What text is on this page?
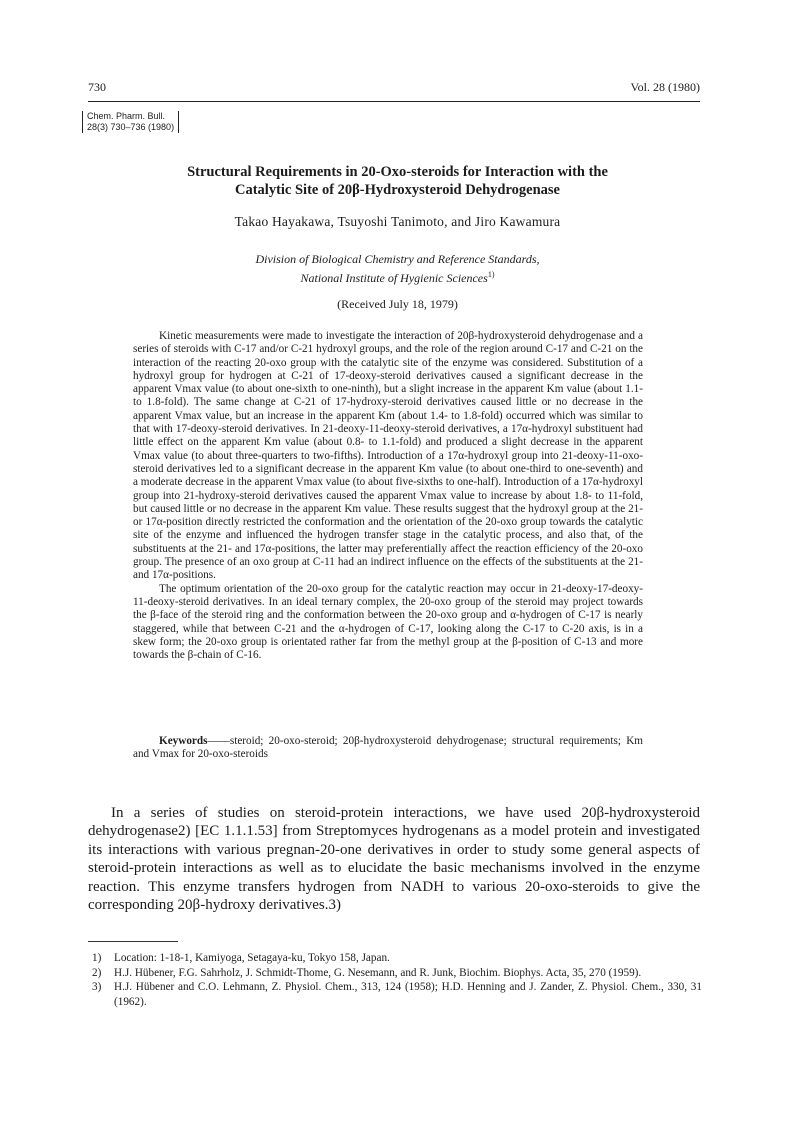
730	Vol. 28 (1980)
Chem. Pharm. Bull.
28(3) 730–736 (1980)
Structural Requirements in 20-Oxo-steroids for Interaction with the
Catalytic Site of 20β-Hydroxysteroid Dehydrogenase
Takao Hayakawa, Tsuyoshi Tanimoto, and Jiro Kawamura
Division of Biological Chemistry and Reference Standards,
National Institute of Hygienic Sciences$^{1)}$
(Received July 18, 1979)

Kinetic measurements were made to investigate the interaction of 20β-hydroxysteroid dehydrogenase and a series of steroids with C-17 and/or C-21 hydroxyl groups, and the role of the region around C-17 and C-21 on the interaction of the reacting 20-oxo group with the catalytic site of the enzyme was considered. Substitution of a hydroxyl group for hydrogen at C-21 of 17-deoxy-steroid derivatives caused a significant decrease in the apparent Vmax value (to about one-sixth to one-ninth), but a slight increase in the apparent Km value (about 1.1- to 1.8-fold). The same change at C-21 of 17-hydroxy-steroid derivatives caused little or no decrease in the apparent Vmax value, but an increase in the apparent Km (about 1.4- to 1.8-fold) occurred which was similar to that with 17-deoxy-steroid derivatives. In 21-deoxy-11-deoxy-steroid derivatives, a 17α-hydroxyl substituent had little effect on the apparent Km value (about 0.8- to 1.1-fold) and produced a slight decrease in the apparent Vmax value (to about three-quarters to two-fifths). Introduction of a 17α-hydroxyl group into 21-deoxy-11-oxo-steroid derivatives led to a significant decrease in the apparent Km value (to about one-third to one-seventh) and a moderate decrease in the apparent Vmax value (to about five-sixths to one-half). Introduction of a 17α-hydroxyl group into 21-hydroxy-steroid derivatives caused the apparent Vmax value to increase by about 1.8- to 11-fold, but caused little or no decrease in the apparent Km value. These results suggest that the hydroxyl group at the 21- or 17α-position directly restricted the conformation and the orientation of the 20-oxo group towards the catalytic site of the enzyme and influenced the hydrogen transfer stage in the catalytic process, and also that, of the substituents at the 21- and 17α-positions, the latter may preferentially affect the reaction efficiency of the 20-oxo group. The presence of an oxo group at C-11 had an indirect influence on the effects of the substituents at the 21- and 17α-positions.

The optimum orientation of the 20-oxo group for the catalytic reaction may occur in 21-deoxy-17-deoxy-11-deoxy-steroid derivatives. In an ideal ternary complex, the 20-oxo group of the steroid may project towards the β-face of the steroid ring and the conformation between the 20-oxo group and α-hydrogen of C-17 is nearly staggered, while that between C-21 and the α-hydrogen of C-17, looking along the C-17 to C-20 axis, is in a skew form; the 20-oxo group is orientated rather far from the methyl group at the β-position of C-13 and more towards the β-chain of C-16.

Keywords——steroid; 20-oxo-steroid; 20β-hydroxysteroid dehydrogenase; structural requirements; Km and Vmax for 20-oxo-steroids

In a series of studies on steroid-protein interactions, we have used 20β-hydroxysteroid dehydrogenase2) [EC 1.1.1.53] from Streptomyces hydrogenans as a model protein and investigated its interactions with various pregnan-20-one derivatives in order to study some general aspects of steroid-protein interactions as well as to elucidate the basic mechanisms involved in the enzyme reaction. This enzyme transfers hydrogen from NADH to various 20-oxo-steroids to give the corresponding 20β-hydroxy derivatives.3)

1)	Location: 1-18-1, Kamiyoga, Setagaya-ku, Tokyo 158, Japan.
2)	H.J. Hübener, F.G. Sahrholz, J. Schmidt-Thome, G. Nesemann, and R. Junk, Biochim. Biophys. Acta, 35, 270 (1959).
3)	H.J. Hübener and C.O. Lehmann, Z. Physiol. Chem., 313, 124 (1958); H.D. Henning and J. Zander, Z. Physiol. Chem., 330, 31 (1962).
